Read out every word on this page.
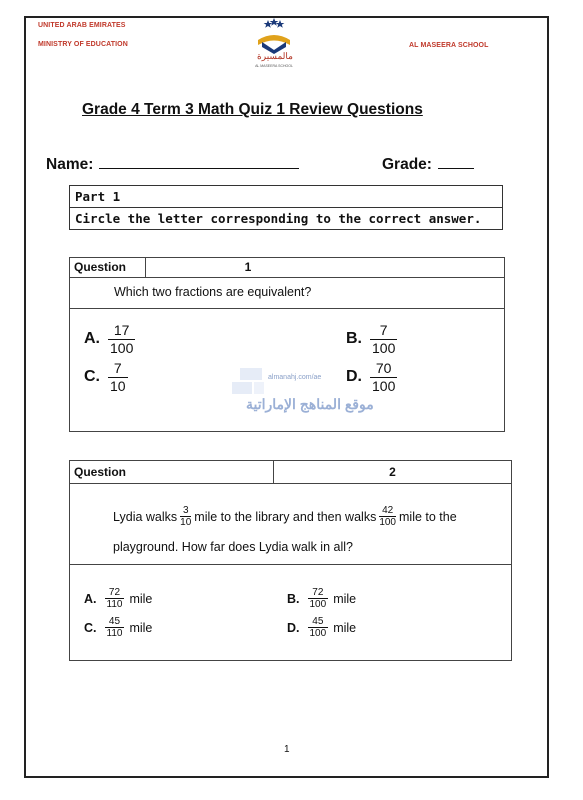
UNITED ARAB EMIRATES
MINISTRY OF EDUCATION	AL MASEERA SCHOOL
مالمسيرة
AL MASEERA SCHOOL
Grade 4 Term 3 Math Quiz 1 Review Questions
Name:	Grade:
Part 1
Circle the letter corresponding to the correct answer.
Question	1
Which two fractions are equivalent?
A. $\frac{17}{100}$	B. $\frac{7}{100}$
C. $\frac{7}{10}$	D. $\frac{70}{100}$
almanahj.com/ae
موقع المناهج الإماراتية
Question	2
Lydia walks $\frac{3}{10}$ mile to the library and then walks $\frac{42}{100}$ mile to the
playground. How far does Lydia walk in all?
A. $\frac{72}{110}$ mile	B. $\frac{72}{100}$ mile
C. $\frac{45}{110}$ mile	D. $\frac{45}{100}$ mile
1
